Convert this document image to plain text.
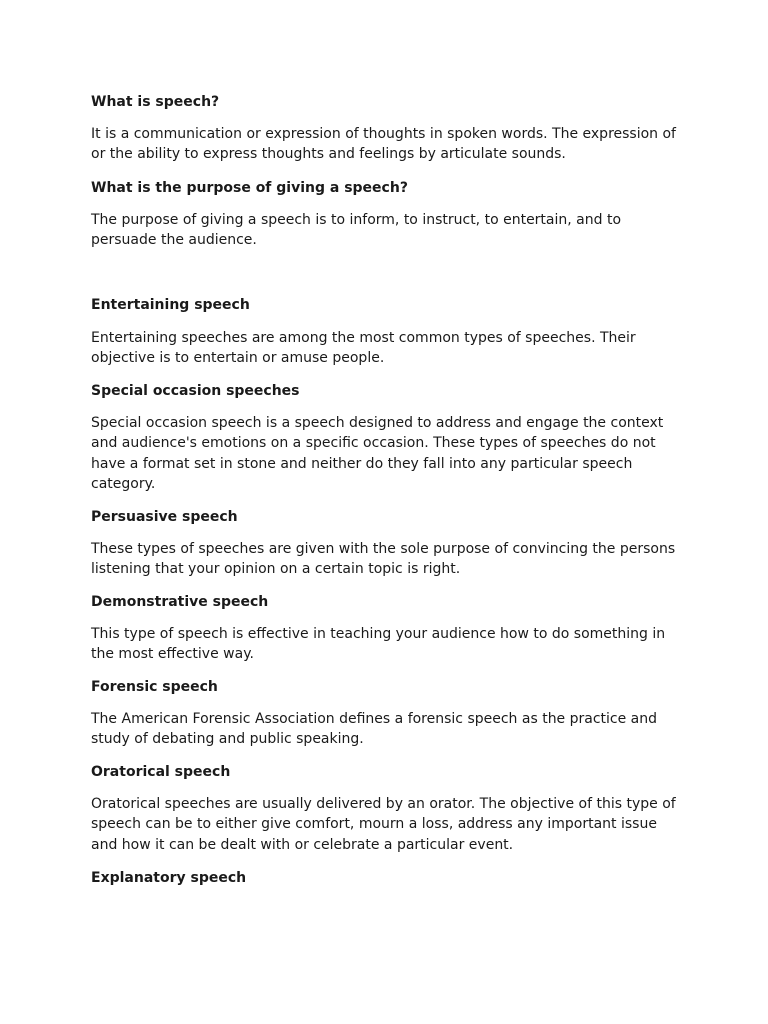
What is speech?

It is a communication or expression of thoughts in spoken words. The expression of
or the ability to express thoughts and feelings by articulate sounds.

What is the purpose of giving a speech?

The purpose of giving a speech is to inform, to instruct, to entertain, and to
persuade the audience.

Entertaining speech

Entertaining speeches are among the most common types of speeches. Their
objective is to entertain or amuse people.

Special occasion speeches

Special occasion speech is a speech designed to address and engage the context
and audience's emotions on a specific occasion. These types of speeches do not
have a format set in stone and neither do they fall into any particular speech
category.

Persuasive speech

These types of speeches are given with the sole purpose of convincing the persons
listening that your opinion on a certain topic is right.

Demonstrative speech

This type of speech is effective in teaching your audience how to do something in
the most effective way.

Forensic speech

The American Forensic Association defines a forensic speech as the practice and
study of debating and public speaking.

Oratorical speech

Oratorical speeches are usually delivered by an orator. The objective of this type of
speech can be to either give comfort, mourn a loss, address any important issue
and how it can be dealt with or celebrate a particular event.

Explanatory speech
